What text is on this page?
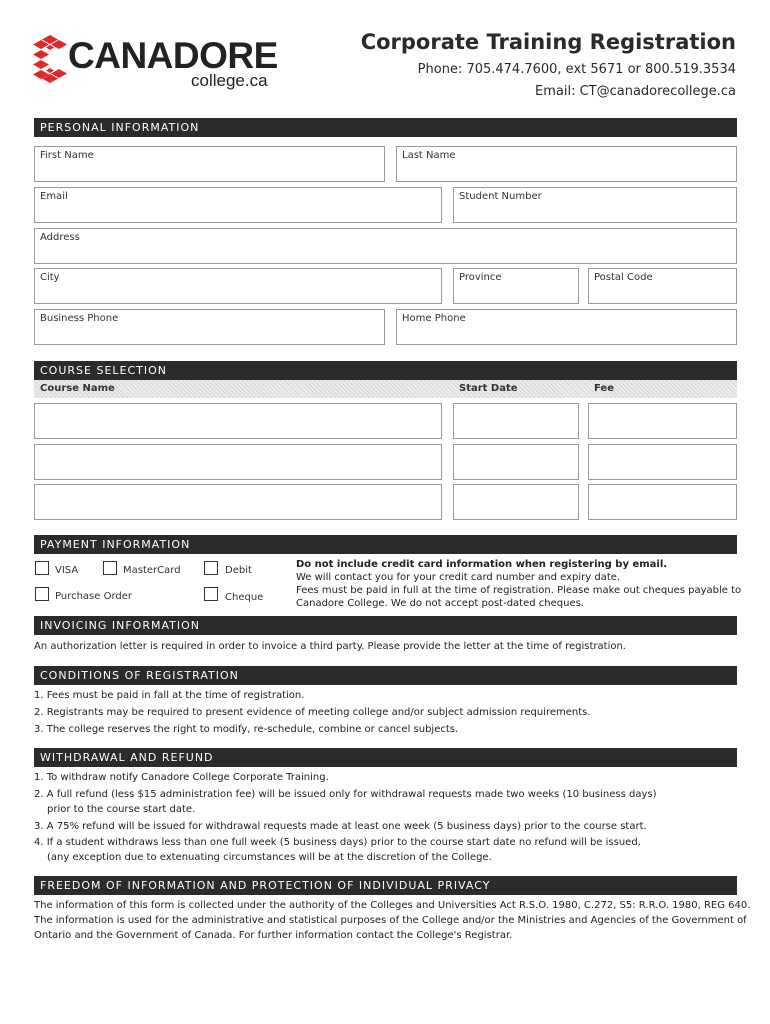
CANADORE
college.ca
Corporate Training Registration
Phone: 705.474.7600, ext 5671 or 800.519.3534
Email: CT@canadorecollege.ca
PERSONAL INFORMATION
First Name	Last Name
Email	Student Number
Address
City	Province	Postal Code
Business Phone	Home Phone
COURSE SELECTION
Course Name	Start Date	Fee
PAYMENT INFORMATION
VISA	MasterCard	Debit
Purchase Order	Cheque
Do not include credit card information when registering by email.
We will contact you for your credit card number and expiry date.
Fees must be paid in full at the time of registration. Please make out cheques payable to
Canadore College. We do not accept post-dated cheques.
INVOICING INFORMATION
An authorization letter is required in order to invoice a third party. Please provide the letter at the time of registration.
CONDITIONS OF REGISTRATION
1. Fees must be paid in fall at the time of registration.
2. Registrants may be required to present evidence of meeting college and/or subject admission requirements.
3. The college reserves the right to modify, re-schedule, combine or cancel subjects.
WITHDRAWAL AND REFUND
1. To withdraw notify Canadore College Corporate Training.
2. A full refund (less $15 administration fee) will be issued only for withdrawal requests made two weeks (10 business days)
prior to the course start date.
3. A 75% refund will be issued for withdrawal requests made at least one week (5 business days) prior to the course start.
4. If a student withdraws less than one full week (5 business days) prior to the course start date no refund will be issued,
(any exception due to extenuating circumstances will be at the discretion of the College.
FREEDOM OF INFORMATION AND PROTECTION OF INDIVIDUAL PRIVACY
The information of this form is collected under the authority of the Colleges and Universities Act R.S.O. 1980, C.272, S5: R.R.O. 1980, REG 640.
The information is used for the administrative and statistical purposes of the College and/or the Ministries and Agencies of the Government of
Ontario and the Government of Canada. For further information contact the College's Registrar.
